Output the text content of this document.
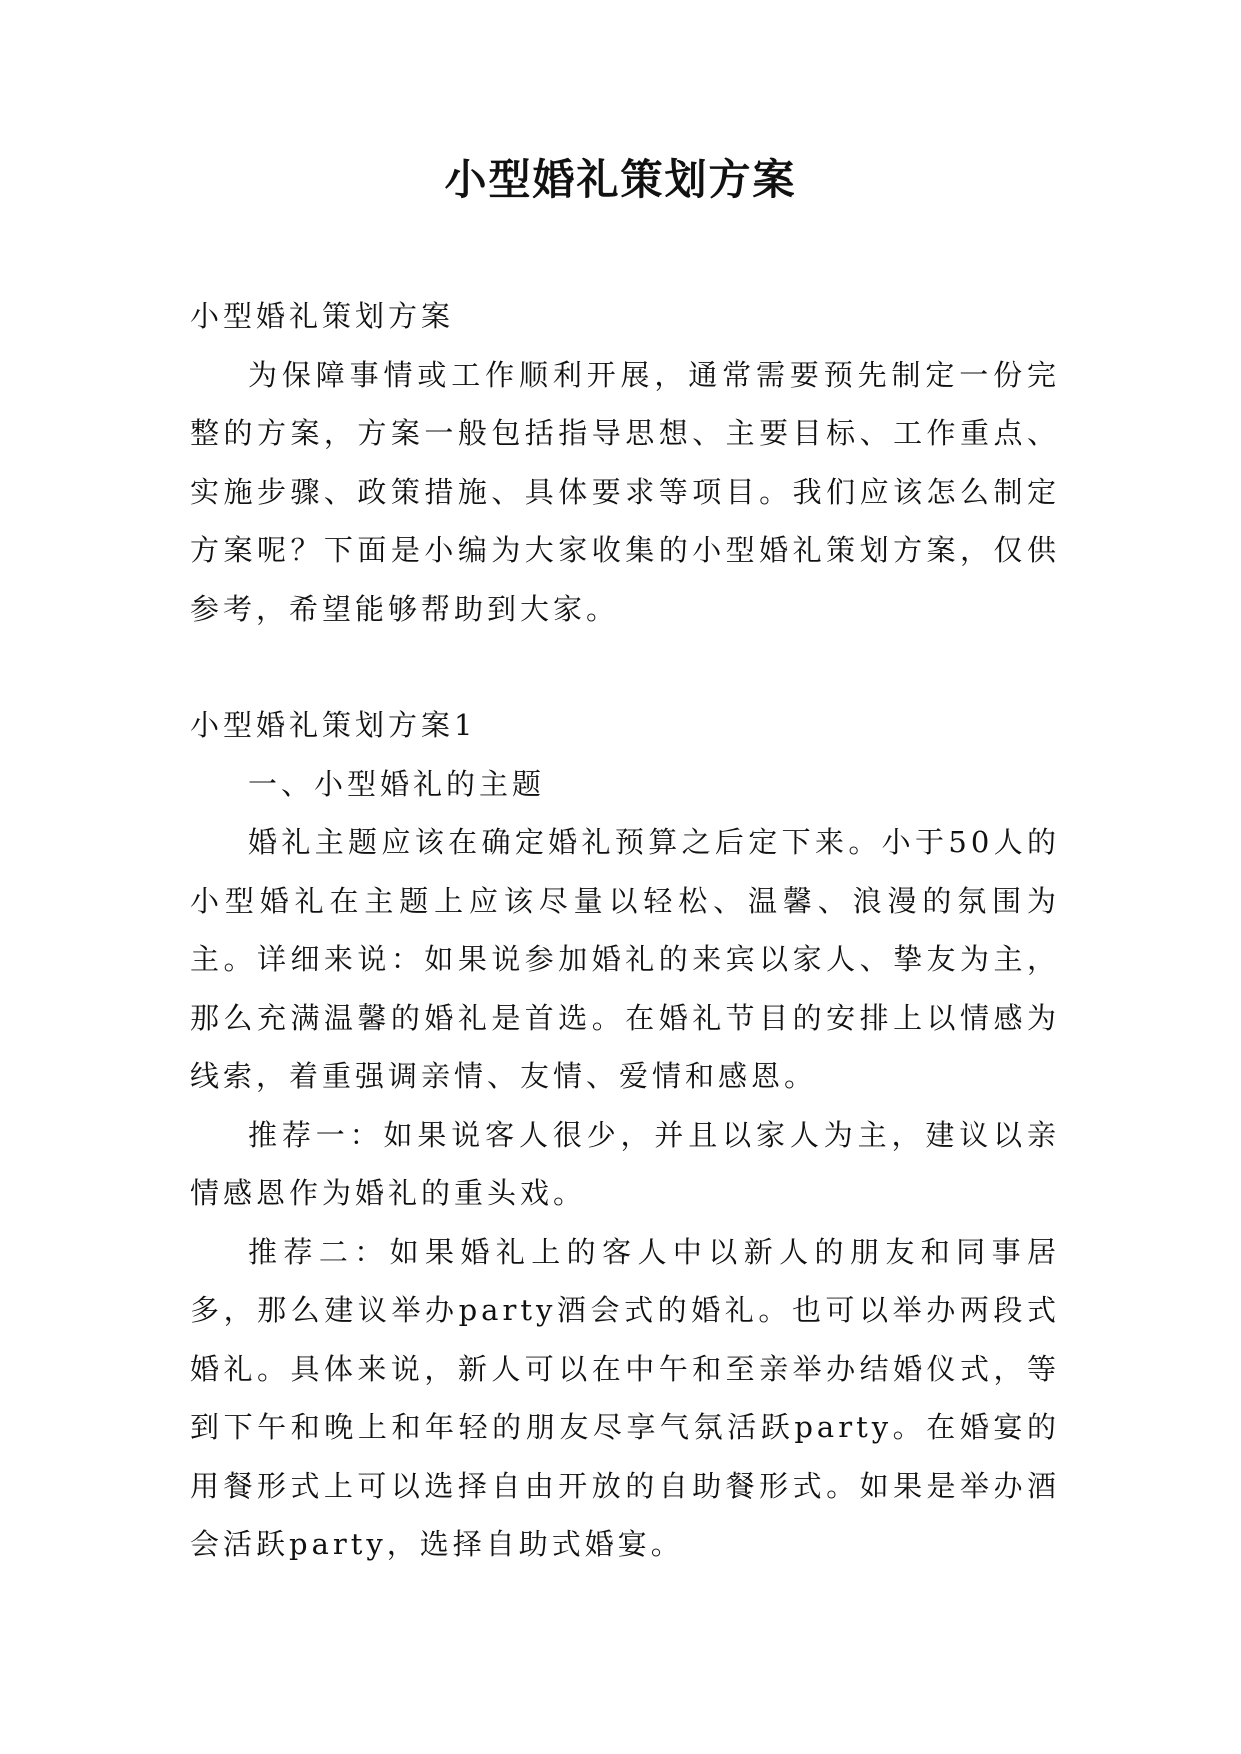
小型婚礼策划方案

小型婚礼策划方案

为保障事情或工作顺利开展，通常需要预先制定一份完整的方案，方案一般包括指导思想、主要目标、工作重点、实施步骤、政策措施、具体要求等项目。我们应该怎么制定方案呢？下面是小编为大家收集的小型婚礼策划方案，仅供参考，希望能够帮助到大家。

小型婚礼策划方案1

一、小型婚礼的主题

婚礼主题应该在确定婚礼预算之后定下来。小于50人的小型婚礼在主题上应该尽量以轻松、温馨、浪漫的氛围为主。详细来说：如果说参加婚礼的来宾以家人、挚友为主，那么充满温馨的婚礼是首选。在婚礼节目的安排上以情感为线索，着重强调亲情、友情、爱情和感恩。

推荐一：如果说客人很少，并且以家人为主，建议以亲情感恩作为婚礼的重头戏。

推荐二：如果婚礼上的客人中以新人的朋友和同事居多，那么建议举办party酒会式的婚礼。也可以举办两段式婚礼。具体来说，新人可以在中午和至亲举办结婚仪式，等到下午和晚上和年轻的朋友尽享气氛活跃party。在婚宴的用餐形式上可以选择自由开放的自助餐形式。如果是举办酒会活跃party，选择自助式婚宴。
